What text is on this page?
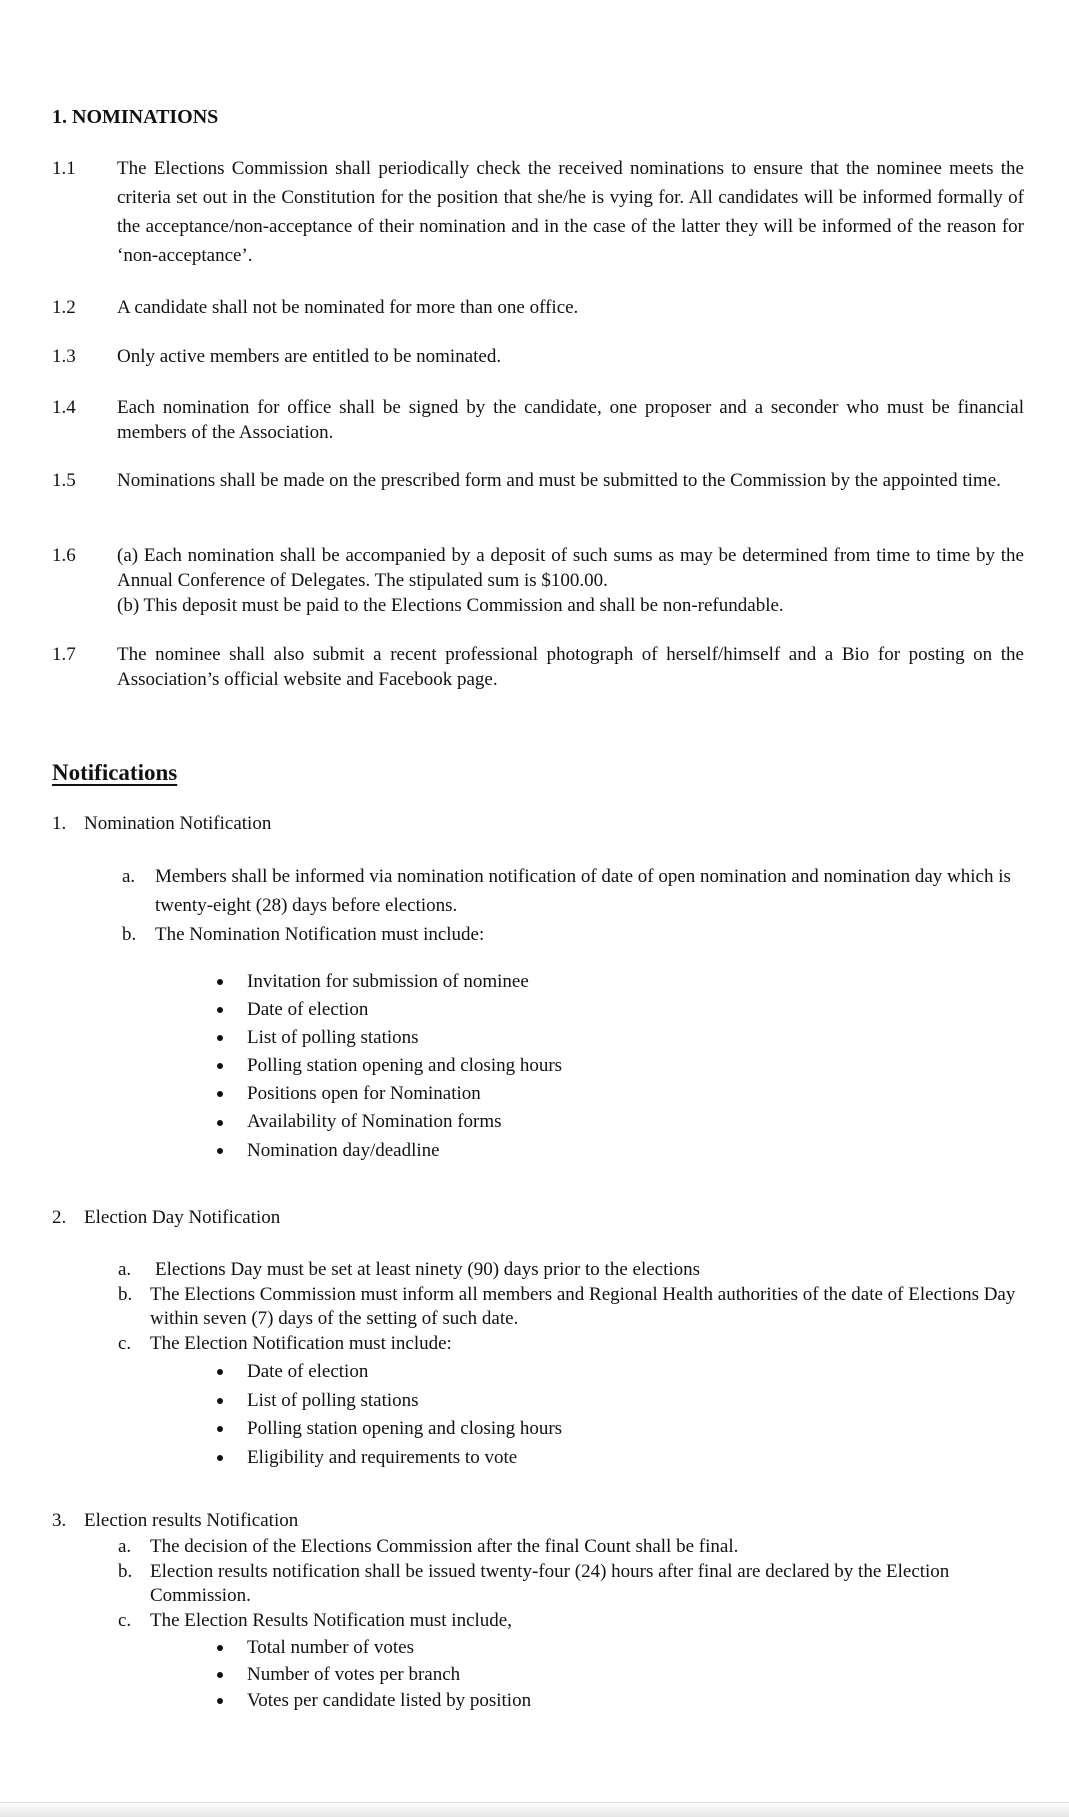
1. NOMINATIONS
1.1 The Elections Commission shall periodically check the received nominations to ensure that the nominee meets the criteria set out in the Constitution for the position that she/he is vying for. All candidates will be informed formally of the acceptance/non-acceptance of their nomination and in the case of the latter they will be informed of the reason for ‘non-acceptance’.
1.2 A candidate shall not be nominated for more than one office.
1.3 Only active members are entitled to be nominated.
1.4 Each nomination for office shall be signed by the candidate, one proposer and a seconder who must be financial members of the Association.
1.5 Nominations shall be made on the prescribed form and must be submitted to the Commission by the appointed time.
1.6 (a) Each nomination shall be accompanied by a deposit of such sums as may be determined from time to time by the Annual Conference of Delegates. The stipulated sum is $100.00.
(b) This deposit must be paid to the Elections Commission and shall be non-refundable.
1.7 The nominee shall also submit a recent professional photograph of herself/himself and a Bio for posting on the Association’s official website and Facebook page.
Notifications
1. Nomination Notification
a. Members shall be informed via nomination notification of date of open nomination and nomination day which is twenty-eight (28) days before elections.
b. The Nomination Notification must include:
Invitation for submission of nominee
Date of election
List of polling stations
Polling station opening and closing hours
Positions open for Nomination
Availability of Nomination forms
Nomination day/deadline
2. Election Day Notification
a. Elections Day must be set at least ninety (90) days prior to the elections
b. The Elections Commission must inform all members and Regional Health authorities of the date of Elections Day within seven (7) days of the setting of such date.
c. The Election Notification must include:
Date of election
List of polling stations
Polling station opening and closing hours
Eligibility and requirements to vote
3. Election results Notification
a. The decision of the Elections Commission after the final Count shall be final.
b. Election results notification shall be issued twenty-four (24) hours after final are declared by the Election Commission.
c. The Election Results Notification must include,
Total number of votes
Number of votes per branch
Votes per candidate listed by position
